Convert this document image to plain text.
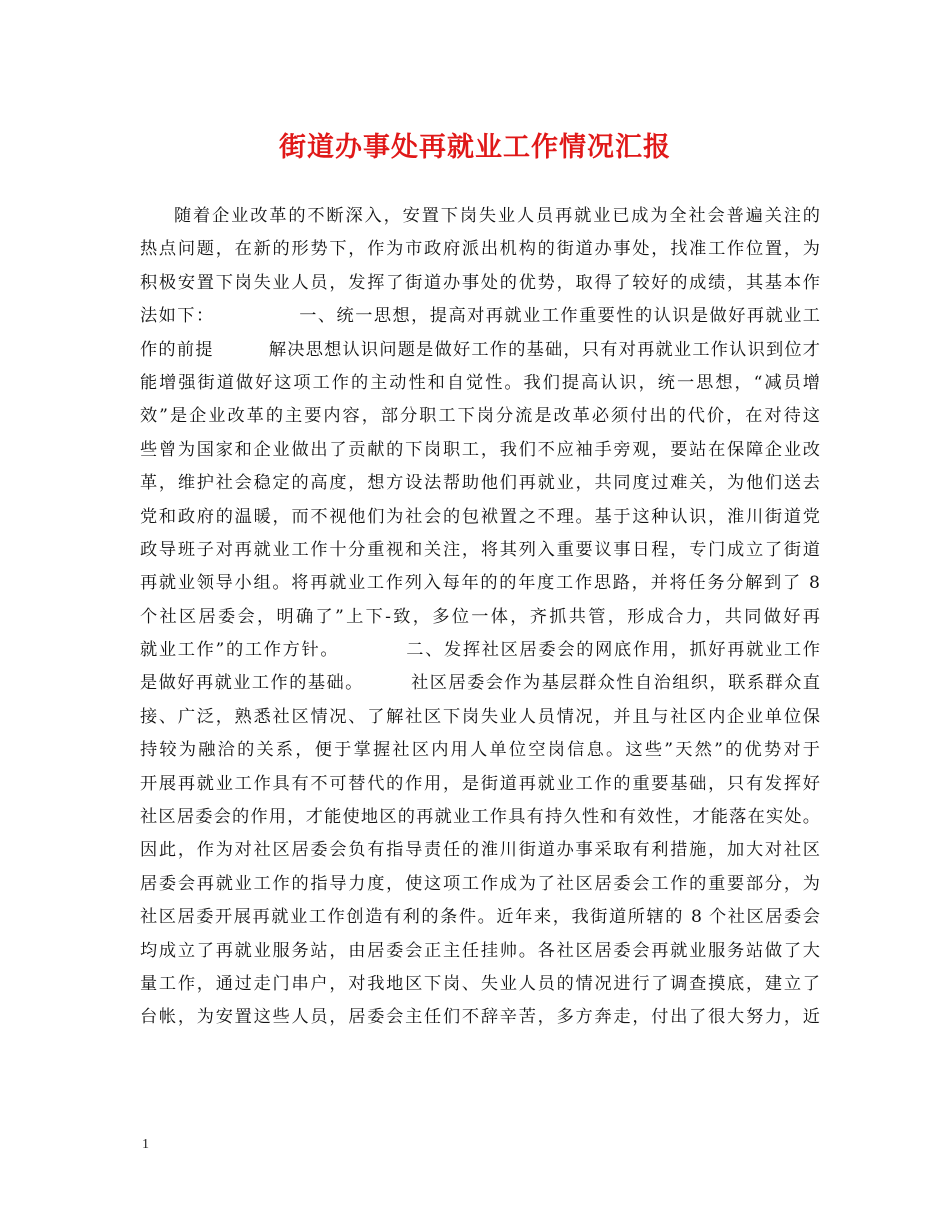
街道办事处再就业工作情况汇报
随着企业改革的不断深入，安置下岗失业人员再就业已成为全社会普遍关注的
热点问题，在新的形势下，作为市政府派出机构的街道办事处，找准工作位置，为
积极安置下岗失业人员，发挥了街道办事处的优势，取得了较好的成绩，其基本作
法如下：　　　　　一、统一思想，提高对再就业工作重要性的认识是做好再就业工
作的前提　　　解决思想认识问题是做好工作的基础，只有对再就业工作认识到位才
能增强街道做好这项工作的主动性和自觉性。我们提高认识，统一思想，“减员增
效”是企业改革的主要内容，部分职工下岗分流是改革必须付出的代价，在对待这
些曾为国家和企业做出了贡献的下岗职工，我们不应袖手旁观，要站在保障企业改
革，维护社会稳定的高度，想方设法帮助他们再就业，共同度过难关，为他们送去
党和政府的温暖，而不视他们为社会的包袱置之不理。基于这种认识，淮川街道党
政导班子对再就业工作十分重视和关注，将其列入重要议事日程，专门成立了街道
再就业领导小组。将再就业工作列入每年的的年度工作思路，并将任务分解到了 8
个社区居委会，明确了”上下-致，多位一体，齐抓共管，形成合力，共同做好再
就业工作”的工作方针。　　　　二、发挥社区居委会的网底作用，抓好再就业工作
是做好再就业工作的基础。　　　社区居委会作为基层群众性自治组织，联系群众直
接、广泛，熟悉社区情况、了解社区下岗失业人员情况，并且与社区内企业单位保
持较为融洽的关系，便于掌握社区内用人单位空岗信息。这些”天然”的优势对于
开展再就业工作具有不可替代的作用，是街道再就业工作的重要基础，只有发挥好
社区居委会的作用，才能使地区的再就业工作具有持久性和有效性，才能落在实处。
因此，作为对社区居委会负有指导责任的淮川街道办事采取有利措施，加大对社区
居委会再就业工作的指导力度，使这项工作成为了社区居委会工作的重要部分，为
社区居委开展再就业工作创造有利的条件。近年来，我街道所辖的 8 个社区居委会
均成立了再就业服务站，由居委会正主任挂帅。各社区居委会再就业服务站做了大
量工作，通过走门串户，对我地区下岗、失业人员的情况进行了调查摸底，建立了
台帐，为安置这些人员，居委会主任们不辞辛苦，多方奔走，付出了很大努力，近
1
